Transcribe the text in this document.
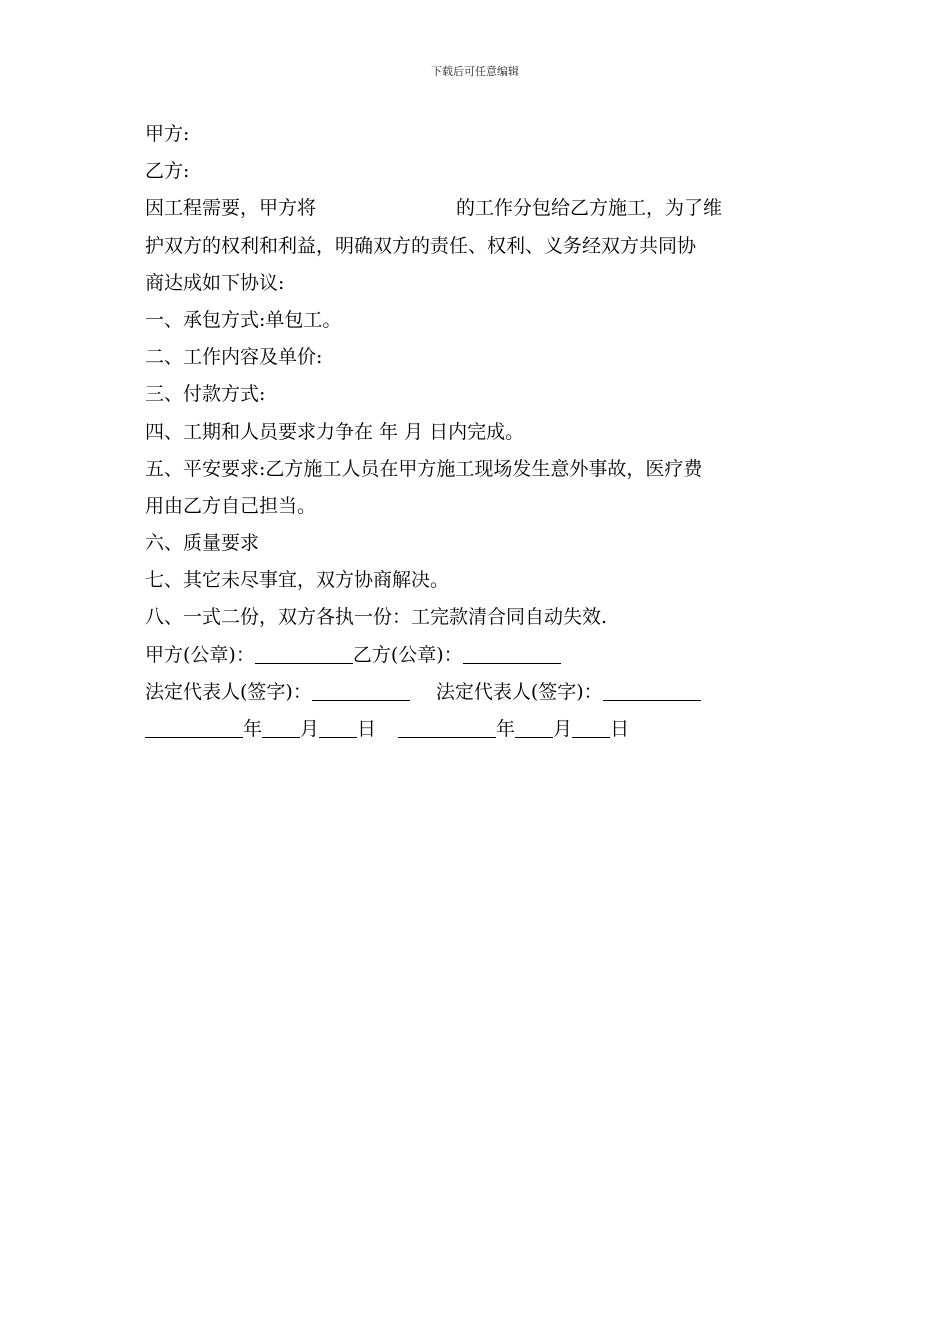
下载后可任意编辑
甲方:
乙方:
因工程需要，甲方将	的工作分包给乙方施工，为了维
护双方的权利和利益，明确双方的责任、权利、义务经双方共同协
商达成如下协议:
一、承包方式:单包工。
二、工作内容及单价:
三、付款方式:
四、工期和人员要求力争在 年 月 日内完成。
五、平安要求:乙方施工人员在甲方施工现场发生意外事故，医疗费
用由乙方自己担当。
六、质量要求
七、其它未尽事宜，双方协商解决。
八、一式二份，双方各执一份：工完款清合同自动失效.
甲方(公章)：	乙方(公章)：
法定代表人(签字)：	法定代表人(签字)：
年 月 日	年 月 日
